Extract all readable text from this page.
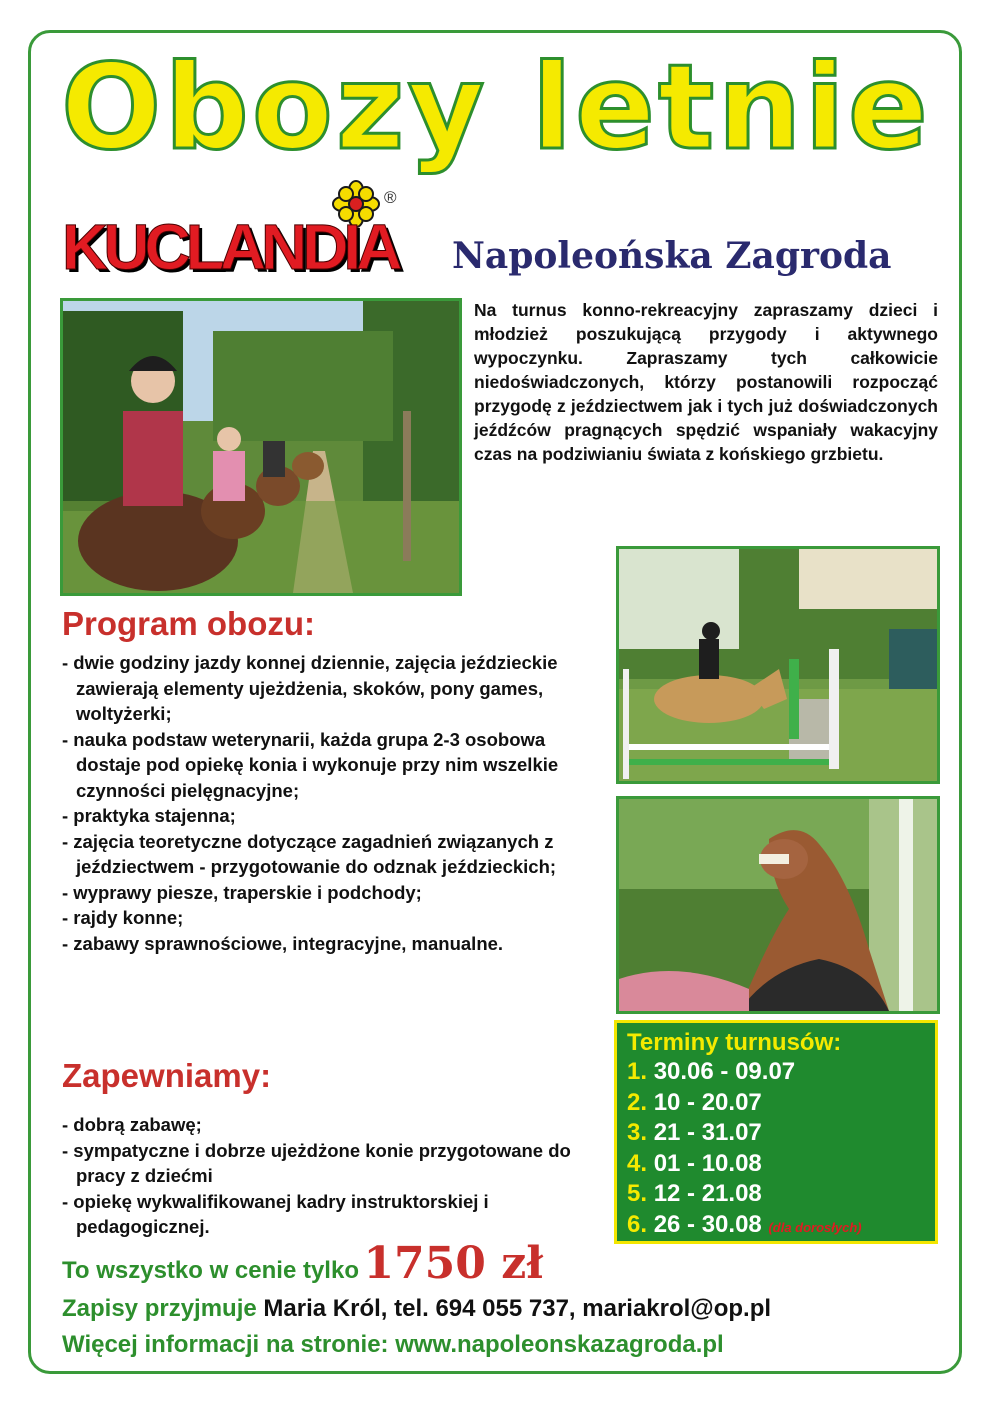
Obozy letnie
®
KUCLANDIA Napoleońska Zagroda
Na turnus konno-rekreacyjny zapraszamy dzieci i młodzież poszukującą przygody i aktywnego wypoczynku. Zapraszamy tych całkowicie niedoświadczonych, którzy postanowili rozpocząć przygodę z jeździectwem jak i tych już doświadczonych jeźdźców pragnących spędzić wspaniały wakacyjny czas na podziwianiu świata z końskiego grzbietu.
Program obozu:
- dwie godziny jazdy konnej dziennie, zajęcia jeździeckie zawierają elementy ujeżdżenia, skoków, pony games, woltyżerki;
- nauka podstaw weterynarii, każda grupa 2-3 osobowa dostaje pod opiekę konia i wykonuje przy nim wszelkie czynności pielęgnacyjne;
- praktyka stajenna;
- zajęcia teoretyczne dotyczące zagadnień związanych z jeździectwem - przygotowanie do odznak jeździeckich;
- wyprawy piesze, traperskie i podchody;
- rajdy konne;
- zabawy sprawnościowe, integracyjne, manualne.
Zapewniamy:
- dobrą zabawę;
- sympatyczne i dobrze ujeżdżone konie przygotowane do pracy z dziećmi
- opiekę wykwalifikowanej kadry instruktorskiej i pedagogicznej.
Terminy turnusów:
1. 30.06 - 09.07
2. 10 - 20.07
3. 21 - 31.07
4. 01 - 10.08
5. 12 - 21.08
6. 26 - 30.08 (dla dorosłych)
To wszystko w cenie tylko 1750 zł
Zapisy przyjmuje Maria Król, tel. 694 055 737, mariakrol@op.pl
Więcej informacji na stronie: www.napoleonskazagroda.pl
